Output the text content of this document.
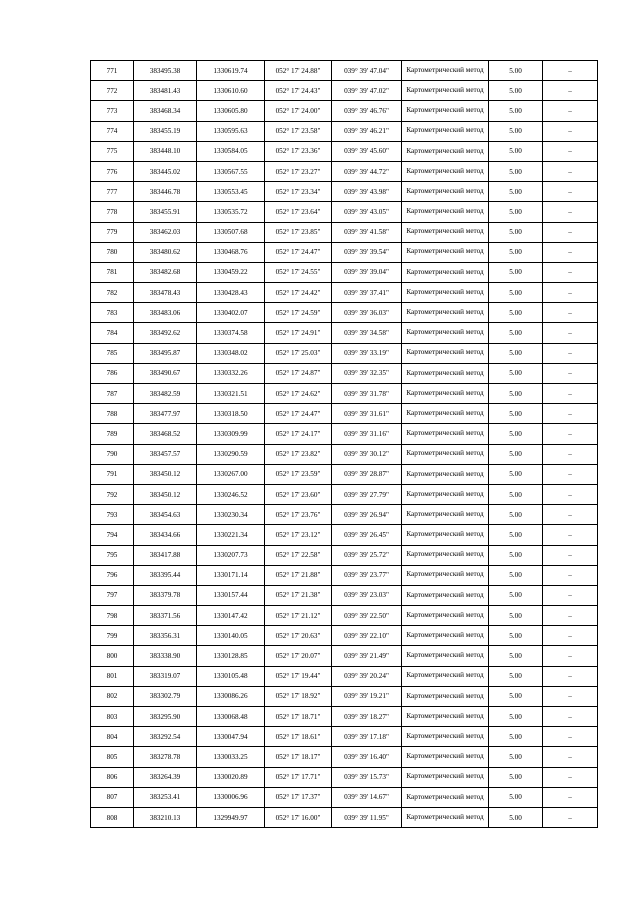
771	383495.38	1330619.74	052° 17' 24.88"	039° 39' 47.04"	Картометрический метод	5.00	–
772	383481.43	1330610.60	052° 17' 24.43"	039° 39' 47.02"	Картометрический метод	5.00	–
773	383468.34	1330605.80	052° 17' 24.00"	039° 39' 46.76"	Картометрический метод	5.00	–
774	383455.19	1330595.63	052° 17' 23.58"	039° 39' 46.21"	Картометрический метод	5.00	–
775	383448.10	1330584.05	052° 17' 23.36"	039° 39' 45.60"	Картометрический метод	5.00	–
776	383445.02	1330567.55	052° 17' 23.27"	039° 39' 44.72"	Картометрический метод	5.00	–
777	383446.78	1330553.45	052° 17' 23.34"	039° 39' 43.98"	Картометрический метод	5.00	–
778	383455.91	1330535.72	052° 17' 23.64"	039° 39' 43.05"	Картометрический метод	5.00	–
779	383462.03	1330507.68	052° 17' 23.85"	039° 39' 41.58"	Картометрический метод	5.00	–
780	383480.62	1330468.76	052° 17' 24.47"	039° 39' 39.54"	Картометрический метод	5.00	–
781	383482.68	1330459.22	052° 17' 24.55"	039° 39' 39.04"	Картометрический метод	5.00	–
782	383478.43	1330428.43	052° 17' 24.42"	039° 39' 37.41"	Картометрический метод	5.00	–
783	383483.06	1330402.07	052° 17' 24.59"	039° 39' 36.03"	Картометрический метод	5.00	–
784	383492.62	1330374.58	052° 17' 24.91"	039° 39' 34.58"	Картометрический метод	5.00	–
785	383495.87	1330348.02	052° 17' 25.03"	039° 39' 33.19"	Картометрический метод	5.00	–
786	383490.67	1330332.26	052° 17' 24.87"	039° 39' 32.35"	Картометрический метод	5.00	–
787	383482.59	1330321.51	052° 17' 24.62"	039° 39' 31.78"	Картометрический метод	5.00	–
788	383477.97	1330318.50	052° 17' 24.47"	039° 39' 31.61"	Картометрический метод	5.00	–
789	383468.52	1330309.99	052° 17' 24.17"	039° 39' 31.16"	Картометрический метод	5.00	–
790	383457.57	1330290.59	052° 17' 23.82"	039° 39' 30.12"	Картометрический метод	5.00	–
791	383450.12	1330267.00	052° 17' 23.59"	039° 39' 28.87"	Картометрический метод	5.00	–
792	383450.12	1330246.52	052° 17' 23.60"	039° 39' 27.79"	Картометрический метод	5.00	–
793	383454.63	1330230.34	052° 17' 23.76"	039° 39' 26.94"	Картометрический метод	5.00	–
794	383434.66	1330221.34	052° 17' 23.12"	039° 39' 26.45"	Картометрический метод	5.00	–
795	383417.88	1330207.73	052° 17' 22.58"	039° 39' 25.72"	Картометрический метод	5.00	–
796	383395.44	1330171.14	052° 17' 21.88"	039° 39' 23.77"	Картометрический метод	5.00	–
797	383379.78	1330157.44	052° 17' 21.38"	039° 39' 23.03"	Картометрический метод	5.00	–
798	383371.56	1330147.42	052° 17' 21.12"	039° 39' 22.50"	Картометрический метод	5.00	–
799	383356.31	1330140.05	052° 17' 20.63"	039° 39' 22.10"	Картометрический метод	5.00	–
800	383338.90	1330128.85	052° 17' 20.07"	039° 39' 21.49"	Картометрический метод	5.00	–
801	383319.07	1330105.48	052° 17' 19.44"	039° 39' 20.24"	Картометрический метод	5.00	–
802	383302.79	1330086.26	052° 17' 18.92"	039° 39' 19.21"	Картометрический метод	5.00	–
803	383295.90	1330068.48	052° 17' 18.71"	039° 39' 18.27"	Картометрический метод	5.00	–
804	383292.54	1330047.94	052° 17' 18.61"	039° 39' 17.18"	Картометрический метод	5.00	–
805	383278.78	1330033.25	052° 17' 18.17"	039° 39' 16.40"	Картометрический метод	5.00	–
806	383264.39	1330020.89	052° 17' 17.71"	039° 39' 15.73"	Картометрический метод	5.00	–
807	383253.41	1330006.96	052° 17' 17.37"	039° 39' 14.67"	Картометрический метод	5.00	–
808	383210.13	1329949.97	052° 17' 16.00"	039° 39' 11.95"	Картометрический метод	5.00	–
